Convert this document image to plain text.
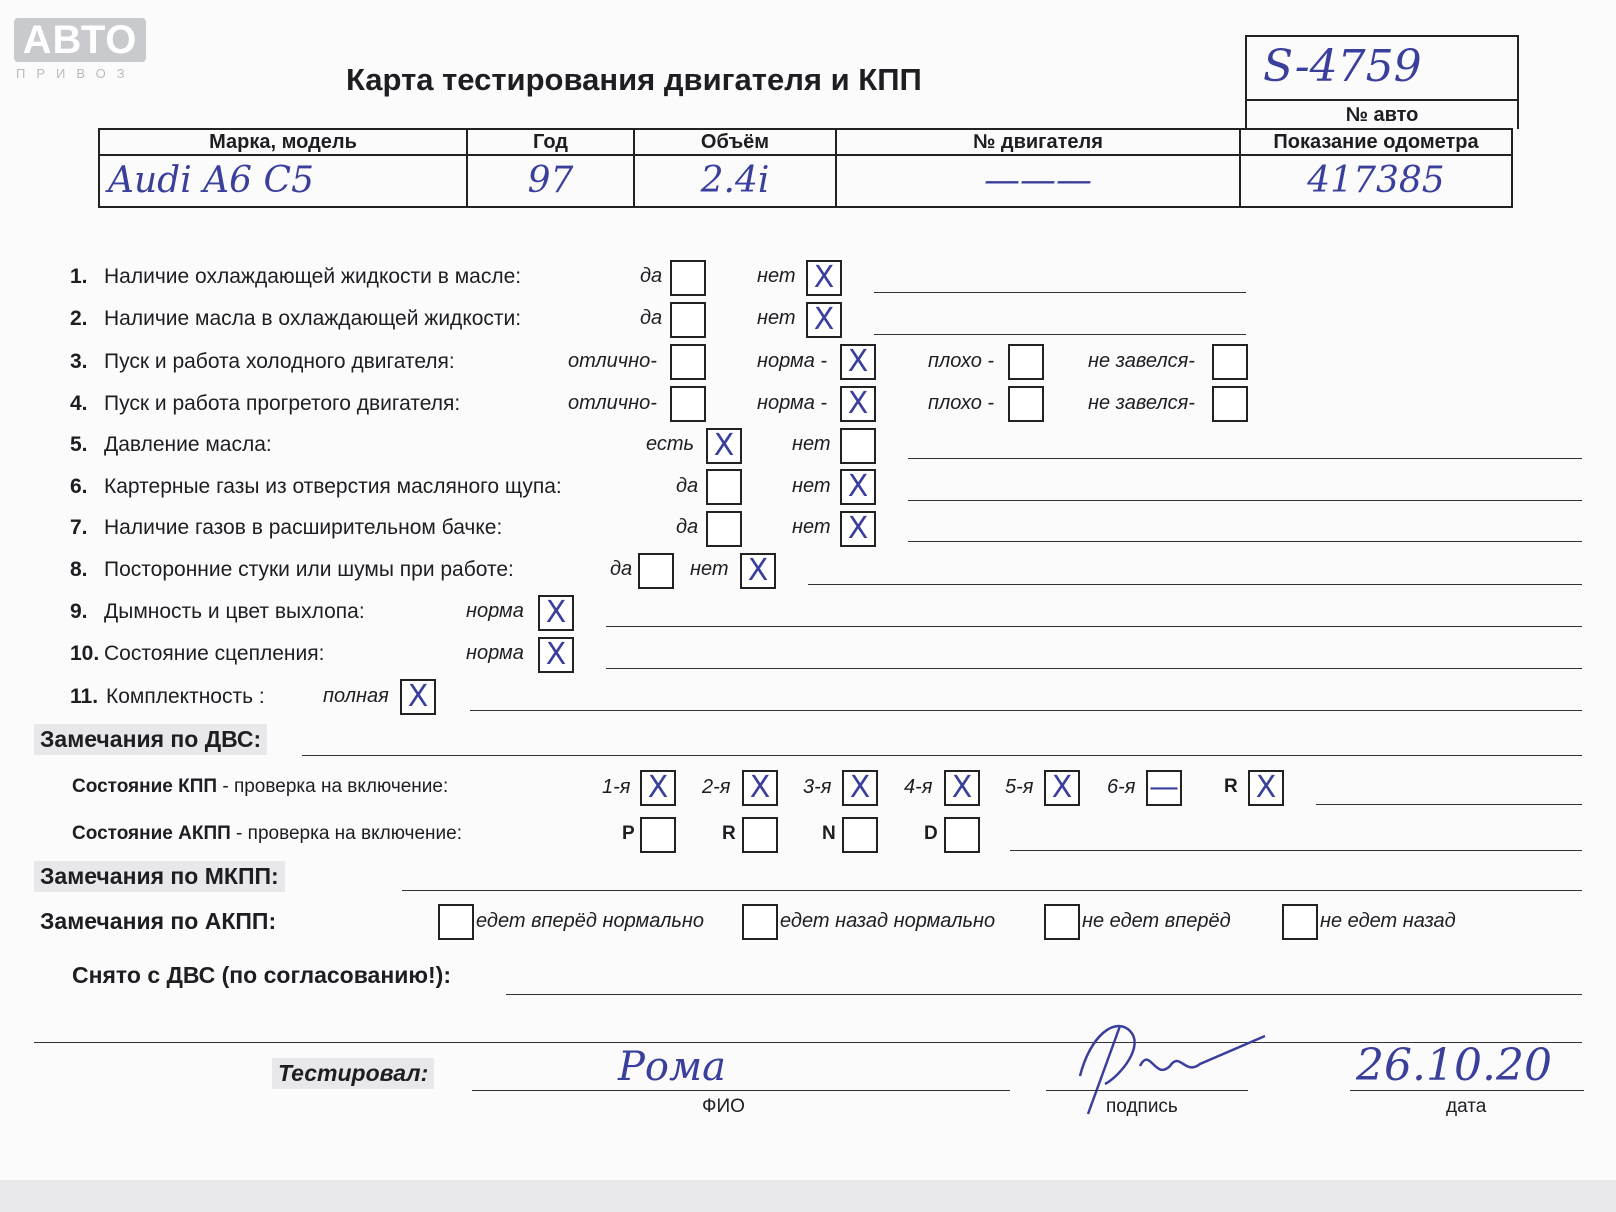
АВТО
ПРИВОЗ	Карта тестирования двигателя и КПП	S-4759
№ авто
Марка, модель	Год	Объём	№ двигателя	Показание одометра
Audi A6 C5	97	2.4i	———	417385
1. Наличие охлаждающей жидкости в масле:	да	нет X
2. Наличие масла в охлаждающей жидкости:	да	нет X
3. Пуск и работа холодного двигателя:	отлично-	норма - X	плохо -	не завелся-
4. Пуск и работа прогретого двигателя:	отлично-	норма - X	плохо -	не завелся-
5. Давление масла:	есть X	нет
6. Картерные газы из отверстия масляного щупа:	да	нет X
7. Наличие газов в расширительном бачке:	да	нет X
8. Посторонние стуки или шумы при работе:	да	нет X
9. Дымность и цвет выхлопа:	норма X
10. Состояние сцепления:	норма X
11. Комплектность :	полная X
Замечания по ДВС:
Состояние КПП - проверка на включение:	1-я X 2-я X 3-я X 4-я X 5-я X 6-я — R X
Состояние АКПП - проверка на включение:	P	R	N	D
Замечания по МКПП:
Замечания по АКПП:	едет вперёд нормально	едет назад нормально	не едет вперёд	не едет назад
Снято с ДВС (по согласованию!):
Тестировал:	Рома
ФИО	подпись
26.10.20
дата
